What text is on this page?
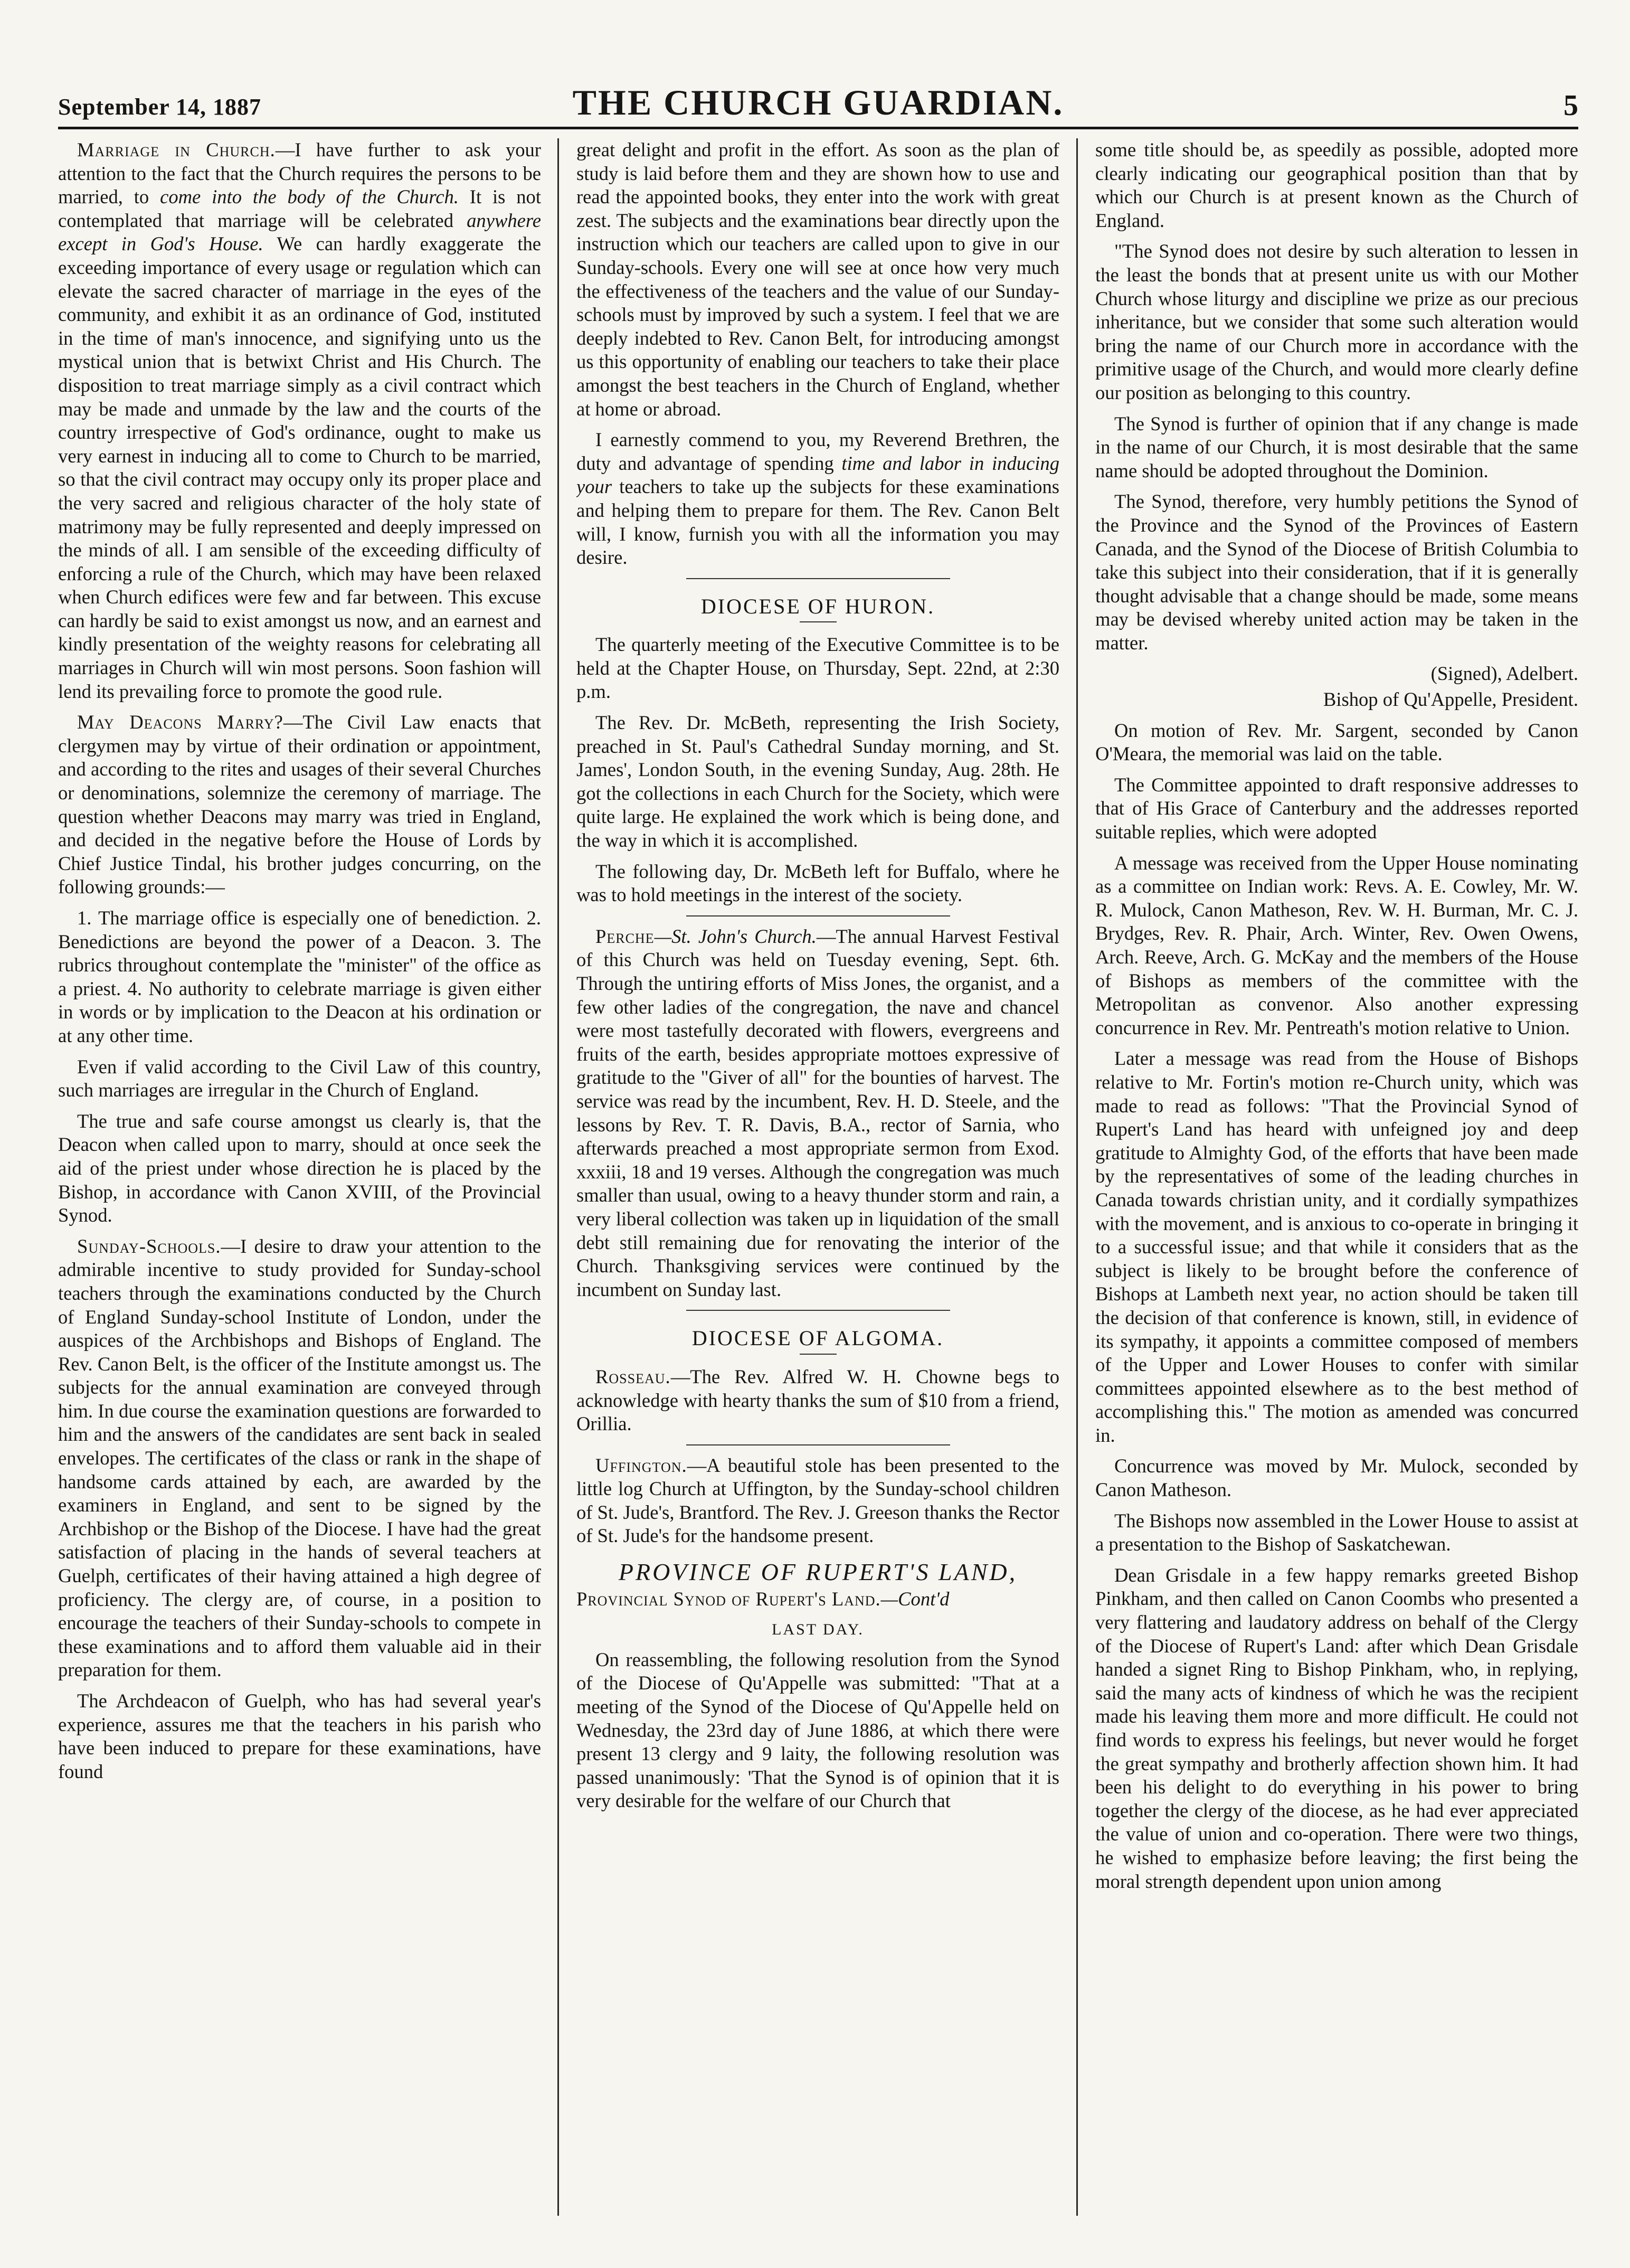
September 14, 1887	THE CHURCH GUARDIAN.	5

Marriage in Church.—I have further to ask your attention to the fact that the Church requires the persons to be married, to come into the body of the Church. It is not contemplated that marriage will be celebrated anywhere except in God's House. We can hardly exaggerate the exceeding importance of every usage or regulation which can elevate the sacred character of marriage in the eyes of the community, and exhibit it as an ordinance of God, instituted in the time of man's innocence, and signifying unto us the mystical union that is betwixt Christ and His Church. The disposition to treat marriage simply as a civil contract which may be made and unmade by the law and the courts of the country irrespective of God's ordinance, ought to make us very earnest in inducing all to come to Church to be married, so that the civil contract may occupy only its proper place and the very sacred and religious character of the holy state of matrimony may be fully represented and deeply impressed on the minds of all. I am sensible of the exceeding difficulty of enforcing a rule of the Church, which may have been relaxed when Church edifices were few and far between. This excuse can hardly be said to exist amongst us now, and an earnest and kindly presentation of the weighty reasons for celebrating all marriages in Church will win most persons. Soon fashion will lend its prevailing force to promote the good rule.

May Deacons Marry?—The Civil Law enacts that clergymen may by virtue of their ordination or appointment, and according to the rites and usages of their several Churches or denominations, solemnize the ceremony of marriage. The question whether Deacons may marry was tried in England, and decided in the negative before the House of Lords by Chief Justice Tindal, his brother judges concurring, on the following grounds:—

1. The marriage office is especially one of benediction. 2. Benedictions are beyond the power of a Deacon. 3. The rubrics throughout contemplate the "minister" of the office as a priest. 4. No authority to celebrate marriage is given either in words or by implication to the Deacon at his ordination or at any other time.

Even if valid according to the Civil Law of this country, such marriages are irregular in the Church of England.

The true and safe course amongst us clearly is, that the Deacon when called upon to marry, should at once seek the aid of the priest under whose direction he is placed by the Bishop, in accordance with Canon XVIII, of the Provincial Synod.

Sunday-Schools.—I desire to draw your attention to the admirable incentive to study provided for Sunday-school teachers through the examinations conducted by the Church of England Sunday-school Institute of London, under the auspices of the Archbishops and Bishops of England. The Rev. Canon Belt, is the officer of the Institute amongst us. The subjects for the annual examination are conveyed through him. In due course the examination questions are forwarded to him and the answers of the candidates are sent back in sealed envelopes. The certificates of the class or rank in the shape of handsome cards attained by each, are awarded by the examiners in England, and sent to be signed by the Archbishop or the Bishop of the Diocese. I have had the great satisfaction of placing in the hands of several teachers at Guelph, certificates of their having attained a high degree of proficiency. The clergy are, of course, in a position to encourage the teachers of their Sunday-schools to compete in these examinations and to afford them valuable aid in their preparation for them.

The Archdeacon of Guelph, who has had several year's experience, assures me that the teachers in his parish who have been induced to prepare for these examinations, have found

great delight and profit in the effort. As soon as the plan of study is laid before them and they are shown how to use and read the appointed books, they enter into the work with great zest. The subjects and the examinations bear directly upon the instruction which our teachers are called upon to give in our Sunday-schools. Every one will see at once how very much the effectiveness of the teachers and the value of our Sunday-schools must by improved by such a system. I feel that we are deeply indebted to Rev. Canon Belt, for introducing amongst us this opportunity of enabling our teachers to take their place amongst the best teachers in the Church of England, whether at home or abroad.

I earnestly commend to you, my Reverend Brethren, the duty and advantage of spending time and labor in inducing your teachers to take up the subjects for these examinations and helping them to prepare for them. The Rev. Canon Belt will, I know, furnish you with all the information you may desire.

DIOCESE OF HURON.

The quarterly meeting of the Executive Committee is to be held at the Chapter House, on Thursday, Sept. 22nd, at 2:30 p.m.

The Rev. Dr. McBeth, representing the Irish Society, preached in St. Paul's Cathedral Sunday morning, and St. James', London South, in the evening Sunday, Aug. 28th. He got the collections in each Church for the Society, which were quite large. He explained the work which is being done, and the way in which it is accomplished.

The following day, Dr. McBeth left for Buffalo, where he was to hold meetings in the interest of the society.

Perche—St. John's Church.—The annual Harvest Festival of this Church was held on Tuesday evening, Sept. 6th. Through the untiring efforts of Miss Jones, the organist, and a few other ladies of the congregation, the nave and chancel were most tastefully decorated with flowers, evergreens and fruits of the earth, besides appropriate mottoes expressive of gratitude to the "Giver of all" for the bounties of harvest. The service was read by the incumbent, Rev. H. D. Steele, and the lessons by Rev. T. R. Davis, B.A., rector of Sarnia, who afterwards preached a most appropriate sermon from Exod. xxxiii, 18 and 19 verses. Although the congregation was much smaller than usual, owing to a heavy thunder storm and rain, a very liberal collection was taken up in liquidation of the small debt still remaining due for renovating the interior of the Church. Thanksgiving services were continued by the incumbent on Sunday last.

DIOCESE OF ALGOMA.

Rosseau.—The Rev. Alfred W. H. Chowne begs to acknowledge with hearty thanks the sum of $10 from a friend, Orillia.

Uffington.—A beautiful stole has been presented to the little log Church at Uffington, by the Sunday-school children of St. Jude's, Brantford. The Rev. J. Greeson thanks the Rector of St. Jude's for the handsome present.

PROVINCE OF RUPERT'S LAND,

Provincial Synod of Rupert's Land.—Cont'd

LAST DAY.

On reassembling, the following resolution from the Synod of the Diocese of Qu'Appelle was submitted: "That at a meeting of the Synod of the Diocese of Qu'Appelle held on Wednesday, the 23rd day of June 1886, at which there were present 13 clergy and 9 laity, the following resolution was passed unanimously: 'That the Synod is of opinion that it is very desirable for the welfare of our Church that

some title should be, as speedily as possible, adopted more clearly indicating our geographical position than that by which our Church is at present known as the Church of England.

"The Synod does not desire by such alteration to lessen in the least the bonds that at present unite us with our Mother Church whose liturgy and discipline we prize as our precious inheritance, but we consider that some such alteration would bring the name of our Church more in accordance with the primitive usage of the Church, and would more clearly define our position as belonging to this country.

The Synod is further of opinion that if any change is made in the name of our Church, it is most desirable that the same name should be adopted throughout the Dominion.

The Synod, therefore, very humbly petitions the Synod of the Province and the Synod of the Provinces of Eastern Canada, and the Synod of the Diocese of British Columbia to take this subject into their consideration, that if it is generally thought advisable that a change should be made, some means may be devised whereby united action may be taken in the matter.

(Signed), Adelbert.

Bishop of Qu'Appelle, President.

On motion of Rev. Mr. Sargent, seconded by Canon O'Meara, the memorial was laid on the table.

The Committee appointed to draft responsive addresses to that of His Grace of Canterbury and the addresses reported suitable replies, which were adopted

A message was received from the Upper House nominating as a committee on Indian work: Revs. A. E. Cowley, Mr. W. R. Mulock, Canon Matheson, Rev. W. H. Burman, Mr. C. J. Brydges, Rev. R. Phair, Arch. Winter, Rev. Owen Owens, Arch. Reeve, Arch. G. McKay and the members of the House of Bishops as members of the committee with the Metropolitan as convenor. Also another expressing concurrence in Rev. Mr. Pentreath's motion relative to Union.

Later a message was read from the House of Bishops relative to Mr. Fortin's motion re-Church unity, which was made to read as follows: "That the Provincial Synod of Rupert's Land has heard with unfeigned joy and deep gratitude to Almighty God, of the efforts that have been made by the representatives of some of the leading churches in Canada towards christian unity, and it cordially sympathizes with the movement, and is anxious to co-operate in bringing it to a successful issue; and that while it considers that as the subject is likely to be brought before the conference of Bishops at Lambeth next year, no action should be taken till the decision of that conference is known, still, in evidence of its sympathy, it appoints a committee composed of members of the Upper and Lower Houses to confer with similar committees appointed elsewhere as to the best method of accomplishing this." The motion as amended was concurred in.

Concurrence was moved by Mr. Mulock, seconded by Canon Matheson.

The Bishops now assembled in the Lower House to assist at a presentation to the Bishop of Saskatchewan.

Dean Grisdale in a few happy remarks greeted Bishop Pinkham, and then called on Canon Coombs who presented a very flattering and laudatory address on behalf of the Clergy of the Diocese of Rupert's Land: after which Dean Grisdale handed a signet Ring to Bishop Pinkham, who, in replying, said the many acts of kindness of which he was the recipient made his leaving them more and more difficult. He could not find words to express his feelings, but never would he forget the great sympathy and brotherly affection shown him. It had been his delight to do everything in his power to bring together the clergy of the diocese, as he had ever appreciated the value of union and co-operation. There were two things, he wished to emphasize before leaving; the first being the moral strength dependent upon union among
